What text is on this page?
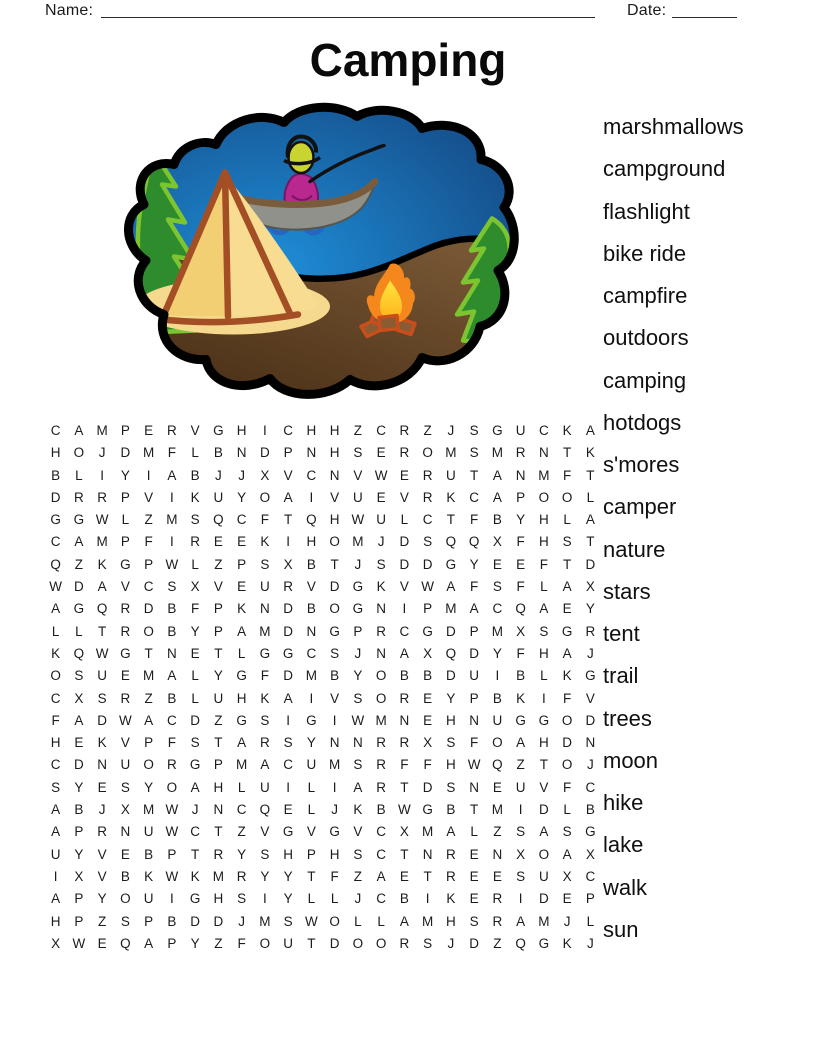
Name:	Date:
Camping
C	A M P	E	R	V G H	I	C	H	H	Z	C	R	Z	J	S G U	C	K	A
H O	J	D M	F	L	B	N	D	P	N	H	S	E	R O M S M R	N	T	K
B	L	I	Y	I	A	B	J	J	X	V	C	N	V W E	R	U	T	A	N M	F	T
D	R	R	P	V	I	K	U	Y O A	I	V	U	E	V	R	K	C	A	P O O	L
G G W L	Z	M S Q C	F	T	Q H W U	L	C	T	F	B	Y	H	L	A
C	A M P	F	I	R	E	E	K	I	H O M	J	D	S Q Q X	F	H	S	T
Q	Z	K G P W L	Z	P	S	X	B	T	J	S	D	D G Y	E	E	F	T	D
W D	A	V	C	S	X	V	E	U	R	V	D G K	V W A	F	S	F	L	A	X
A G Q R	D	B	F	P	K	N	D	B O G N	I	P M A	C Q A	E	Y
L	L	T	R O B	Y	P	A M D	N G P	R	C G D	P M X	S G R
K Q W G	T	N	E	T	L	G G C	S	J	N	A	X Q D	Y	F	H	A	J
O S	U	E M A	L	Y G	F	D M B	Y O B	B	D	U	I	B	L	K G
C	X	S	R	Z	B	L	U	H	K	A	I	V	S O R	E	Y	P	B	K	I	F	V
F	A	D W A	C	D	Z	G S	I	G	I	W M N	E	H	N	U G G O D
H	E	K	V	P	F	S	T	A	R	S	Y	N	N	R	R	X	S	F	O A	H	D	N
C	D	N	U O R G P M A	C	U M S	R	F	F	H W Q	Z	T	O	J
S	Y	E	S	Y O A	H	L	U	I	L	I	A	R	T	D	S	N	E	U	V	F	C
A	B	J	X M W	J	N	C Q E	L	J	K	B W G B	T	M	I	D	L	B
A	P	R	N	U W C	T	Z	V G V G V	C	X M A	L	Z	S	A	S G
U	Y	V	E	B	P	T	R	Y	S	H	P	H	S	C	T	N	R	E	N	X O A	X
I	X	V	B	K W K M R	Y	Y	T	F	Z	A	E	T	R	E	E	S	U	X	C
A	P	Y O U	I	G H	S	I	Y	L	L	J	C	B	I	K	E	R	I	D	E	P
H	P	Z	S	P	B	D	D	J	M S W O	L	L	A M H	S	R	A M	J	L
X W E Q A	P	Y	Z	F	O U	T	D O O R	S	J	D	Z	Q G K	J
marshmallows
campground
flashlight
bike ride
campfire
outdoors
camping
hotdogs
s'mores
camper
nature
stars
tent
trail
trees
moon
hike
lake
walk
sun
